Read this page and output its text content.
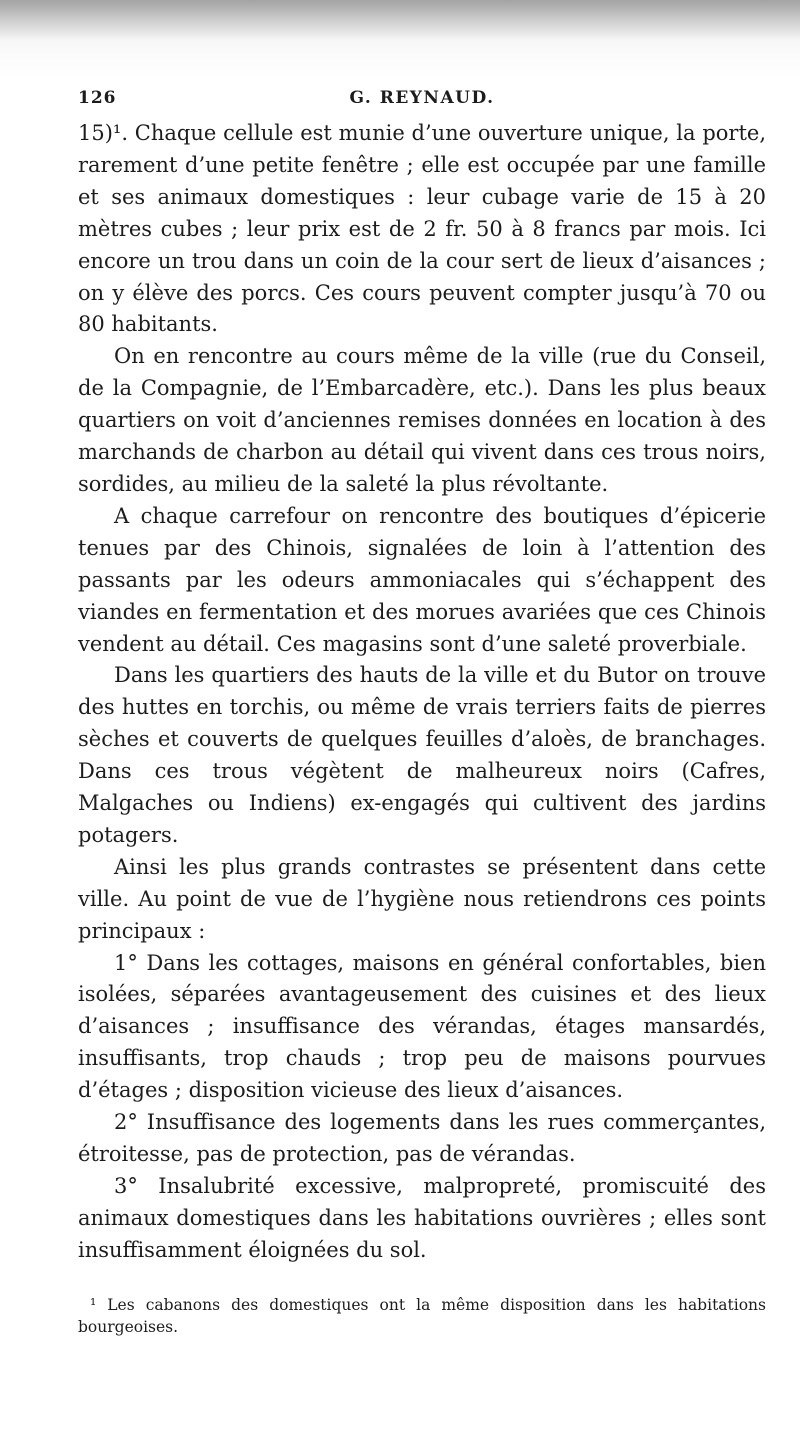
126	G. REYNAUD.

15)¹. Chaque cellule est munie d’une ouverture unique, la porte, rarement d’une petite fenêtre ; elle est occupée par une famille et ses animaux domestiques : leur cubage varie de 15 à 20 mètres cubes ; leur prix est de 2 fr. 50 à 8 francs par mois. Ici encore un trou dans un coin de la cour sert de lieux d’aisances ; on y élève des porcs. Ces cours peuvent compter jusqu’à 70 ou 80 habitants.

On en rencontre au cours même de la ville (rue du Conseil, de la Compagnie, de l’Embarcadère, etc.). Dans les plus beaux quartiers on voit d’anciennes remises données en location à des marchands de charbon au détail qui vivent dans ces trous noirs, sordides, au milieu de la saleté la plus révoltante.

A chaque carrefour on rencontre des boutiques d’épicerie tenues par des Chinois, signalées de loin à l’attention des passants par les odeurs ammoniacales qui s’échappent des viandes en fermentation et des morues avariées que ces Chinois vendent au détail. Ces magasins sont d’une saleté proverbiale.

Dans les quartiers des hauts de la ville et du Butor on trouve des huttes en torchis, ou même de vrais terriers faits de pierres sèches et couverts de quelques feuilles d’aloès, de branchages. Dans ces trous végètent de malheureux noirs (Cafres, Malgaches ou Indiens) ex-engagés qui cultivent des jardins potagers.

Ainsi les plus grands contrastes se présentent dans cette ville. Au point de vue de l’hygiène nous retiendrons ces points principaux :

1° Dans les cottages, maisons en général confortables, bien isolées, séparées avantageusement des cuisines et des lieux d’aisances ; insuffisance des vérandas, étages mansardés, insuffisants, trop chauds ; trop peu de maisons pourvues d’étages ; disposition vicieuse des lieux d’aisances.

2° Insuffisance des logements dans les rues commerçantes, étroitesse, pas de protection, pas de vérandas.

3° Insalubrité excessive, malpropreté, promiscuité des animaux domestiques dans les habitations ouvrières ; elles sont insuffisamment éloignées du sol.

¹ Les cabanons des domestiques ont la même disposition dans les habitations bourgeoises.
